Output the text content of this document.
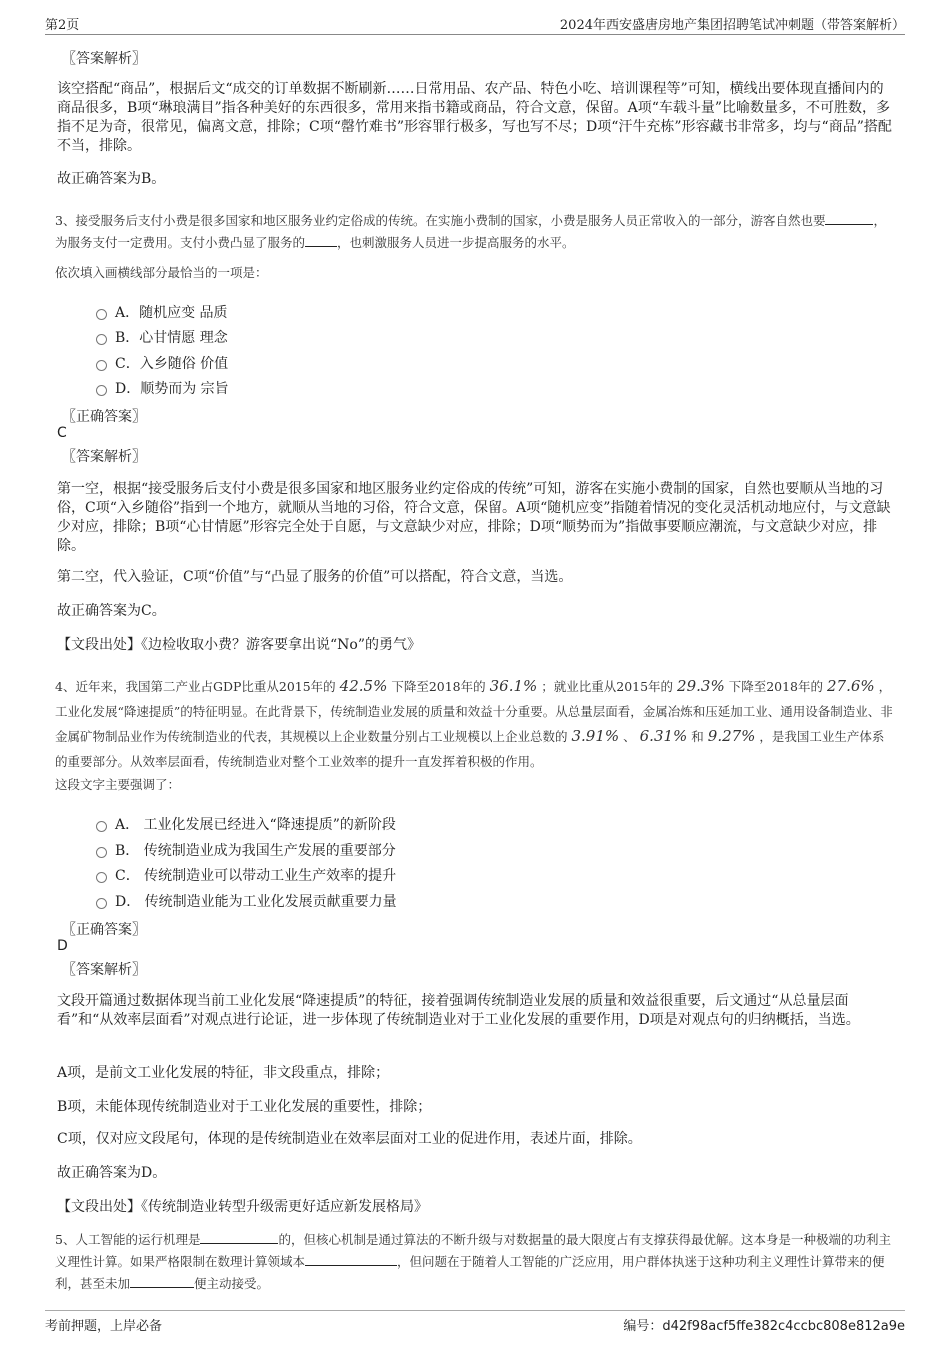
第2页	2024年西安盛唐房地产集团招聘笔试冲刺题（带答案解析）
〖答案解析〗

该空搭配“商品”，根据后文“成交的订单数据不断刷新……日常用品、农产品、特色小吃、培训课程等”可知，横线出要体现直播间内的商品很多，B项“琳琅满目”指各种美好的东西很多，常用来指书籍或商品，符合文意，保留。A项“车载斗量”比喻数量多，不可胜数，多指不足为奇，很常见，偏离文意，排除；C项“罄竹难书”形容罪行极多，写也写不尽；D项“汗牛充栋”形容藏书非常多，均与“商品”搭配不当，排除。

故正确答案为B。

3、接受服务后支付小费是很多国家和地区服务业约定俗成的传统。在实施小费制的国家，小费是服务人员正常收入的一部分，游客自然也要	，为服务支付一定费用。支付小费凸显了服务的	，也刺激服务人员进一步提高服务的水平。

依次填入画横线部分最恰当的一项是：

A．随机应变 品质
B．心甘情愿 理念
C．入乡随俗 价值
D．顺势而为 宗旨
〖正确答案〗
C
〖答案解析〗

第一空，根据“接受服务后支付小费是很多国家和地区服务业约定俗成的传统”可知，游客在实施小费制的国家，自然也要顺从当地的习俗，C项“入乡随俗”指到一个地方，就顺从当地的习俗，符合文意，保留。A项“随机应变”指随着情况的变化灵活机动地应付，与文意缺少对应，排除；B项“心甘情愿”形容完全处于自愿，与文意缺少对应，排除；D项“顺势而为”指做事要顺应潮流，与文意缺少对应，排除。

第二空，代入验证，C项“价值”与“凸显了服务的价值”可以搭配，符合文意，当选。

故正确答案为C。

【文段出处】《边检收取小费？游客要拿出说“No”的勇气》

4、近年来，我国第二产业占GDP比重从2015年的 42.5% 下降至2018年的 36.1% ；就业比重从2015年的 29.3% 下降至2018年的 27.6% ，工业化发展“降速提质”的特征明显。在此背景下，传统制造业发展的质量和效益十分重要。从总量层面看，金属冶炼和压延加工业、通用设备制造业、非金属矿物制品业作为传统制造业的代表，其规模以上企业数量分别占工业规模以上企业总数的 3.91% 、 6.31% 和 9.27% ，是我国工业生产体系的重要部分。从效率层面看，传统制造业对整个工业效率的提升一直发挥着积极的作用。

这段文字主要强调了：

A． 工业化发展已经进入“降速提质”的新阶段
B． 传统制造业成为我国生产发展的重要部分
C． 传统制造业可以带动工业生产效率的提升
D． 传统制造业能为工业化发展贡献重要力量
〖正确答案〗
D
〖答案解析〗

文段开篇通过数据体现当前工业化发展“降速提质”的特征，接着强调传统制造业发展的质量和效益很重要，后文通过“从总量层面看”和“从效率层面看”对观点进行论证，进一步体现了传统制造业对于工业化发展的重要作用，D项是对观点句的归纳概括，当选。

A项，是前文工业化发展的特征，非文段重点，排除；

B项，未能体现传统制造业对于工业化发展的重要性，排除；

C项，仅对应文段尾句，体现的是传统制造业在效率层面对工业的促进作用，表述片面，排除。

故正确答案为D。

【文段出处】《传统制造业转型升级需更好适应新发展格局》

5、人工智能的运行机理是	的，但核心机制是通过算法的不断升级与对数据量的最大限度占有支撑获得最优解。这本身是一种极端的功利主义理性计算。如果严格限制在数理计算领域本	，但问题在于随着人工智能的广泛应用，用户群体执迷于这种功利主义理性计算带来的便利，甚至未加	便主动接受。

考前押题，上岸必备	编号：d42f98acf5ffe382c4ccbc808e812a9e
